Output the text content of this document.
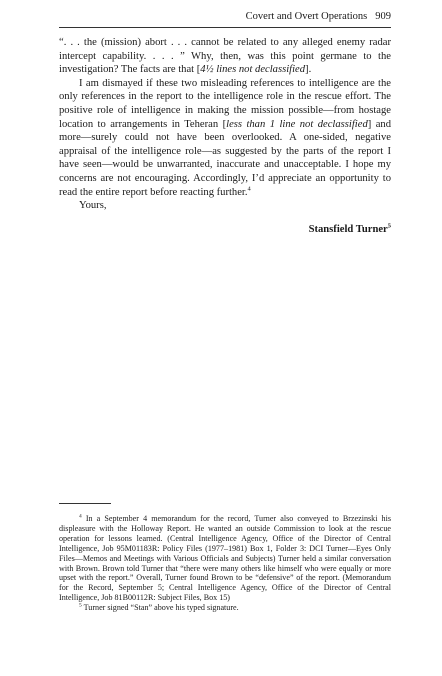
Covert and Overt Operations 909

“. . . the (mission) abort . . . cannot be related to any alleged enemy radar intercept capability. . . . ” Why, then, was this point germane to the investigation? The facts are that [4½ lines not declassified].

I am dismayed if these two misleading references to intelligence are the only references in the report to the intelligence role in the rescue effort. The positive role of intelligence in making the mission possible—from hostage location to arrangements in Teheran [less than 1 line not declassified] and more—surely could not have been overlooked. A one-sided, negative appraisal of the intelligence role—as suggested by the parts of the report I have seen—would be unwarranted, inaccurate and unacceptable. I hope my concerns are not encouraging. Accordingly, I’d appreciate an opportunity to read the entire report before reacting further.$^4$

Yours,

Stansfield Turner$^5$

$^4$ In a September 4 memorandum for the record, Turner also conveyed to Brzezinski his displeasure with the Holloway Report. He wanted an outside Commission to look at the rescue operation for lessons learned. (Central Intelligence Agency, Office of the Director of Central Intelligence, Job 95M01183R: Policy Files (1977–1981) Box 1, Folder 3: DCI Turner—Eyes Only Files—Memos and Meetings with Various Officials and Subjects) Turner held a similar conversation with Brown. Brown told Turner that “there were many others like himself who were equally or more upset with the report.” Overall, Turner found Brown to be “defensive” of the report. (Memorandum for the Record, September 5; Central Intelligence Agency, Office of the Director of Central Intelligence, Job 81B00112R: Subject Files, Box 15)

$^5$ Turner signed “Stan” above his typed signature.
